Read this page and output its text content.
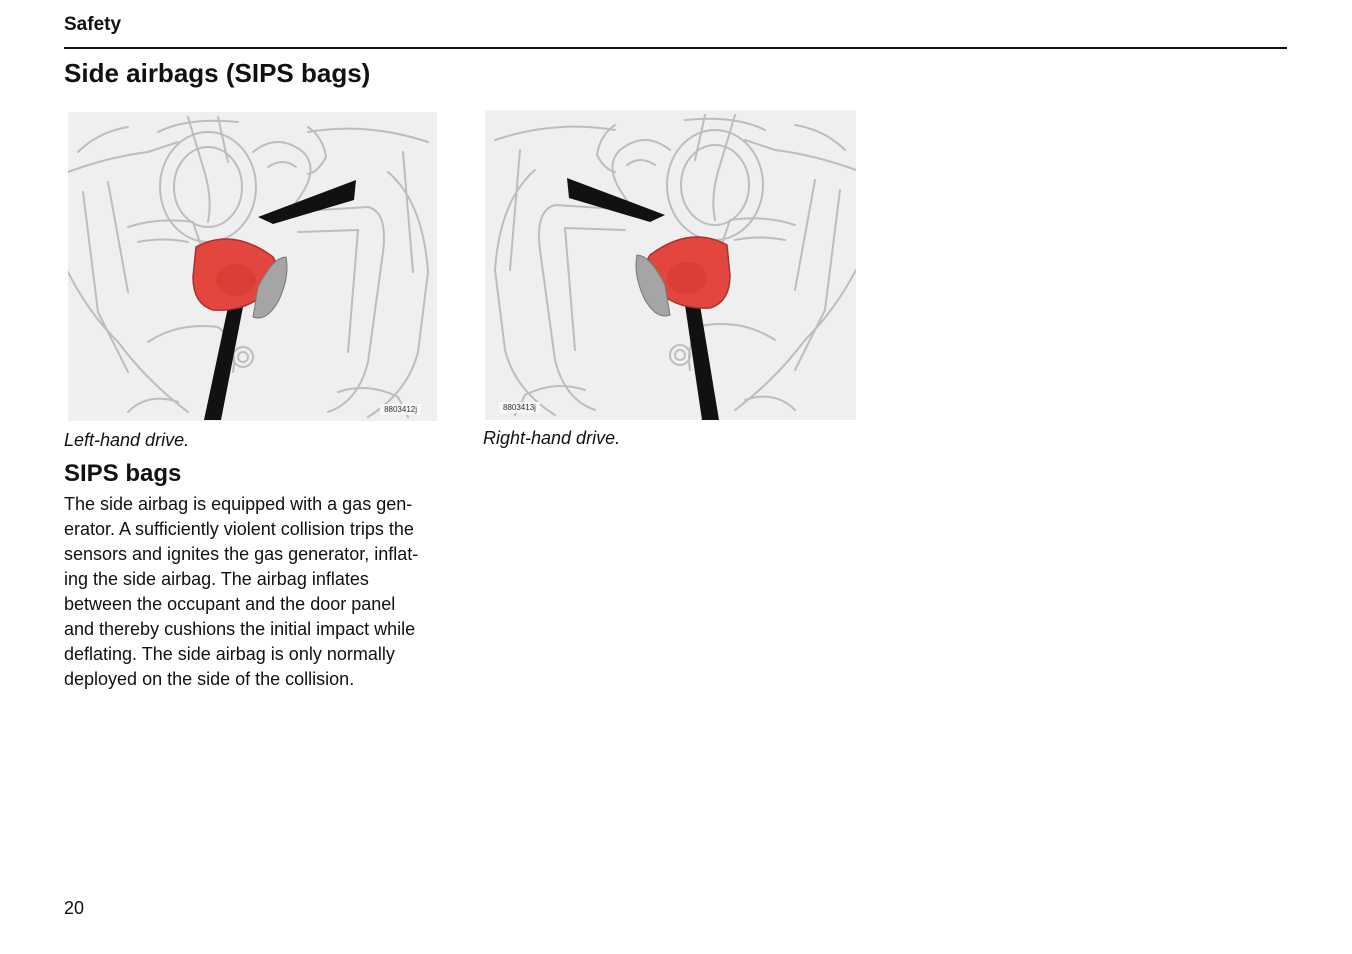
Safety
Side airbags (SIPS bags)
8803412j	8803413j

Left-hand drive.	Right-hand drive.

SIPS bags

The side airbag is equipped with a gas gen-
erator. A sufficiently violent collision trips the
sensors and ignites the gas generator, inflat-
ing the side airbag. The airbag inflates
between the occupant and the door panel
and thereby cushions the initial impact while
deflating. The side airbag is only normally
deployed on the side of the collision.

20
